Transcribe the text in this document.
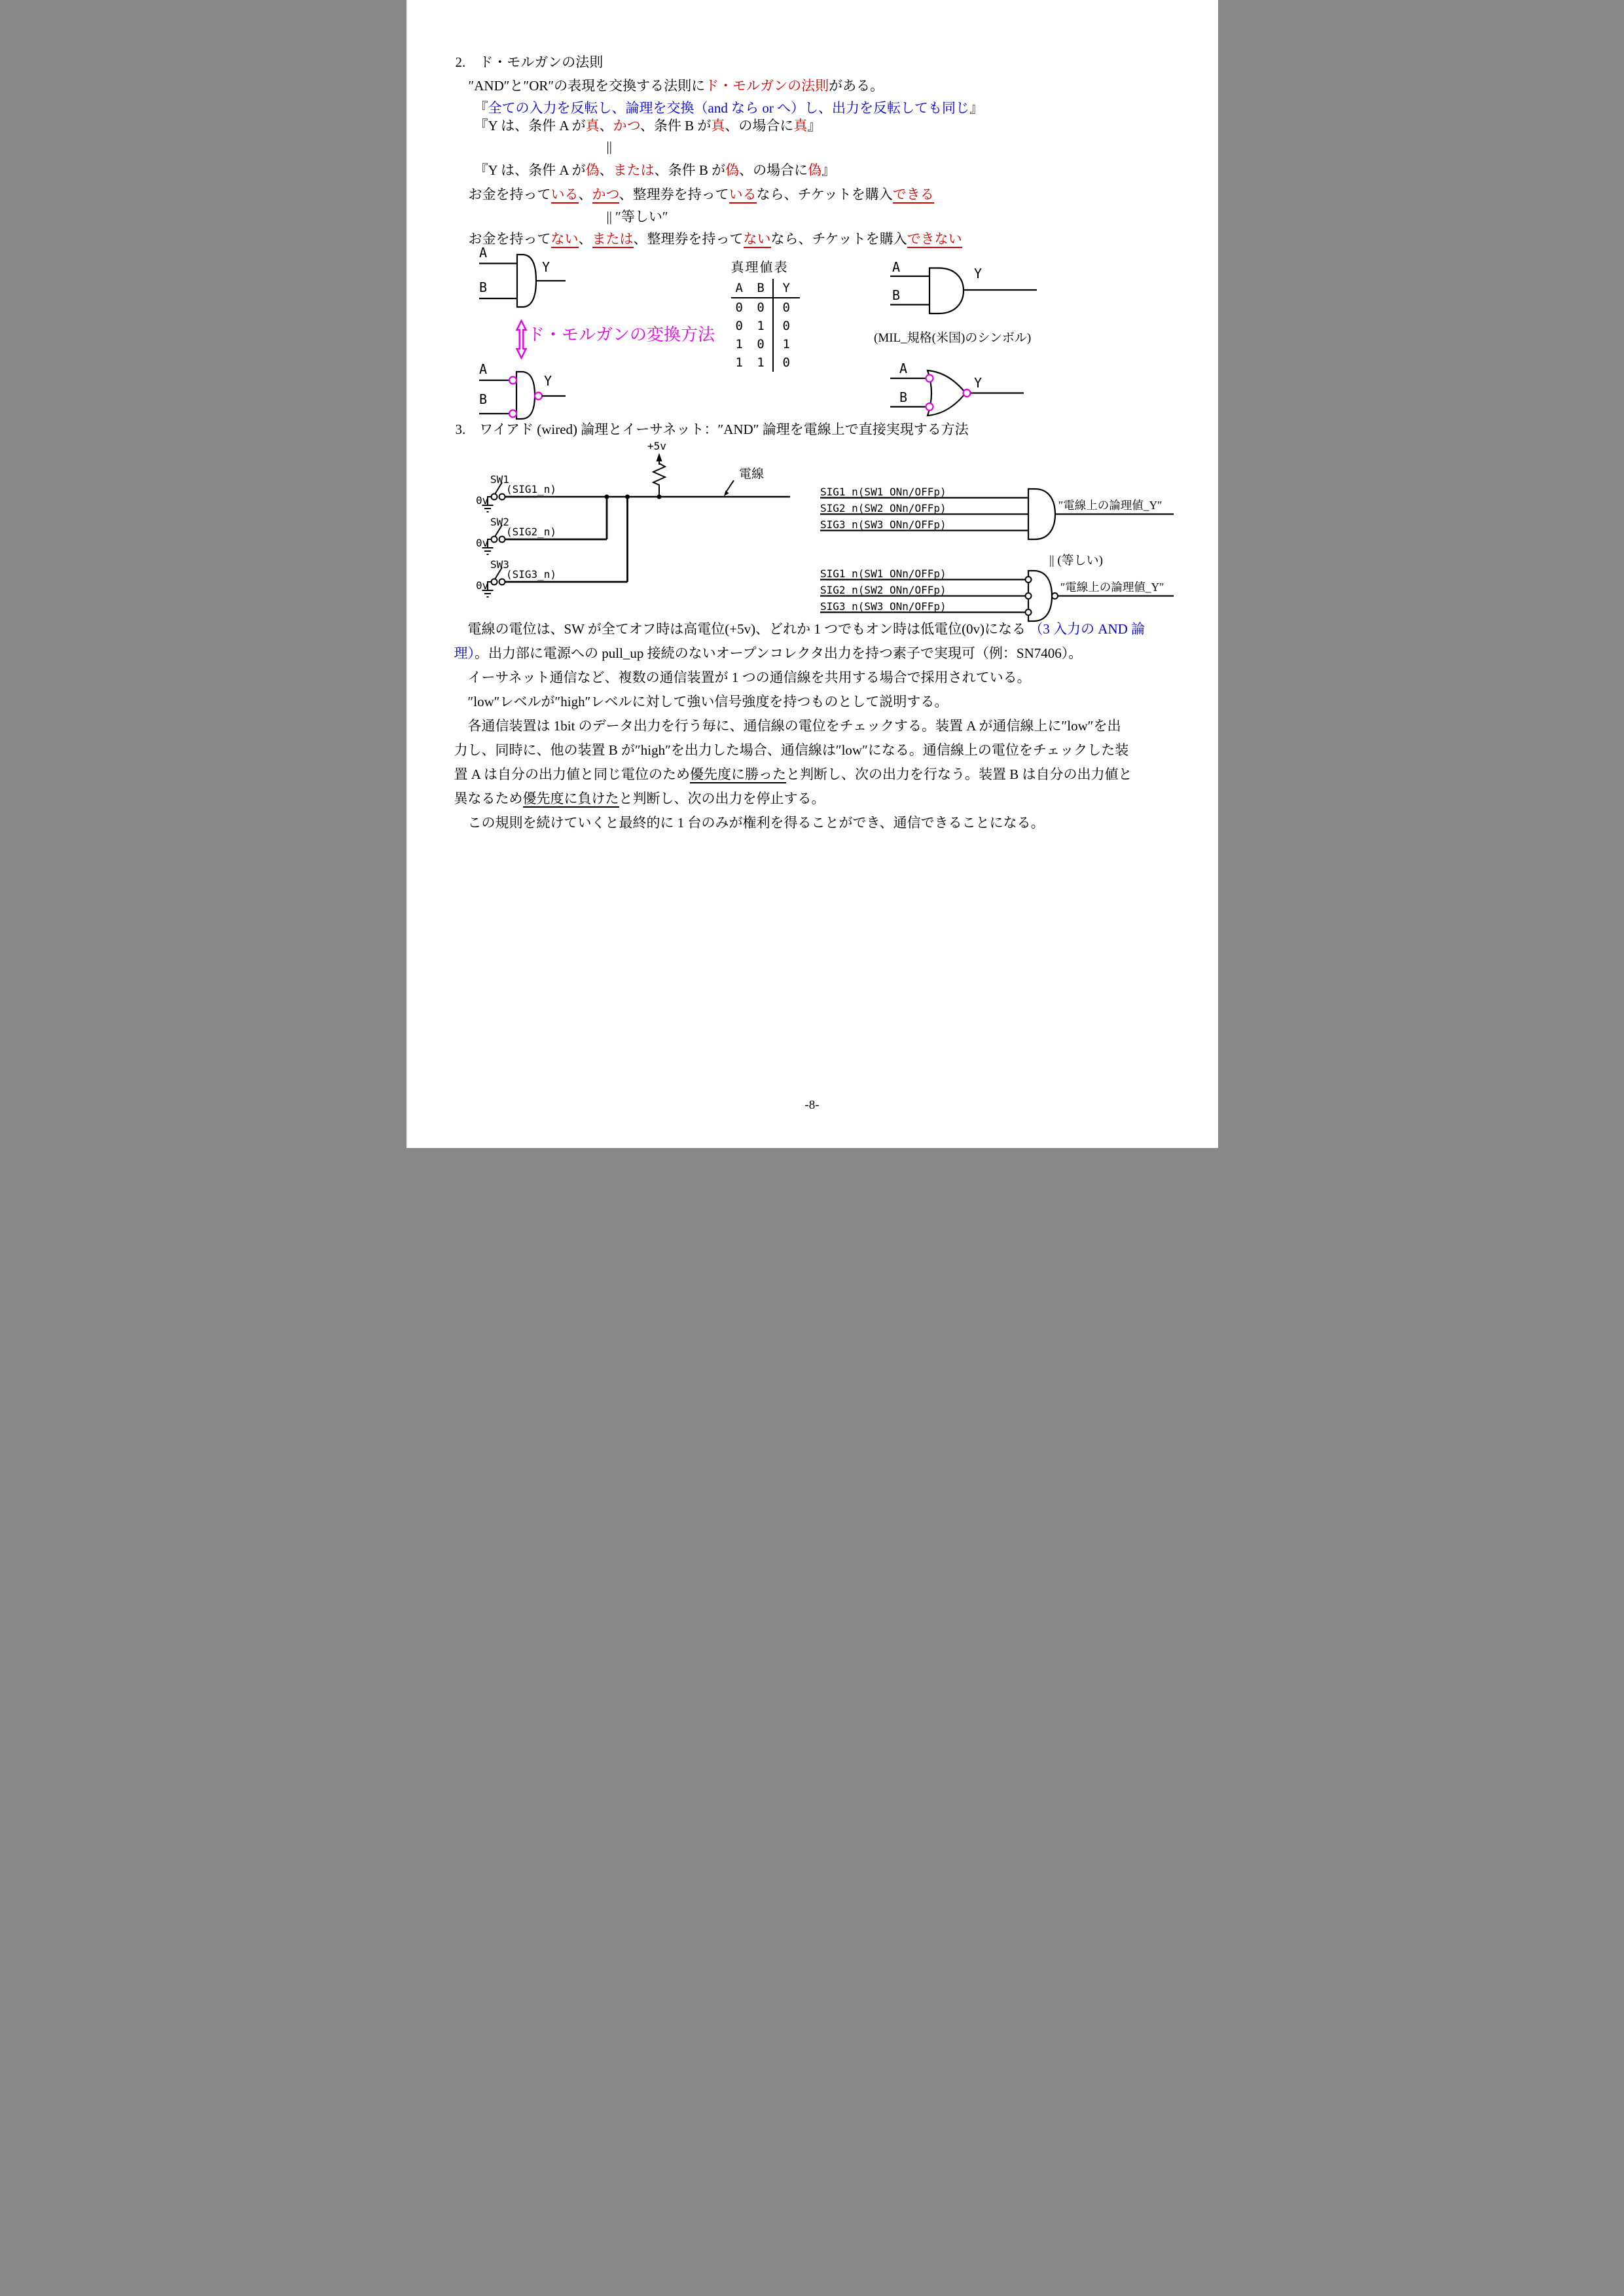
2.　ド・モルガンの法則
″AND″と″OR″の表現を交換する法則にド・モルガンの法則がある。
『全ての入力を反転し、論理を交換（and なら or へ）し、出力を反転しても同じ』
『Y は、条件 A が真、かつ、条件 B が真、の場合に真』
||
『Y は、条件 A が偽、または、条件 B が偽、の場合に偽』
お金を持っている、かつ、整理券を持っているなら、チケットを購入できる
|| ″等しい″
お金を持ってない、または、整理券を持ってないなら、チケットを購入できない
A
B
Y
ド・モルガンの変換方法
A
B
Y
真理値表
A B	Y
0 0	0
0 1	0
1 0	1
1 1	0
A
B
Y
(MIL_規格(米国)のシンボル)
A
B
Y
3.　ワイアド (wired) 論理とイーサネット：″AND″ 論理を電線上で直接実現する方法
+5v
電線
SW1
(SIG1_n)
0v
SW2
(SIG2_n)
0v
SW3
(SIG3_n)
0v
SIG1_n(SW1_ONn/OFFp)
SIG2_n(SW2_ONn/OFFp)
SIG3_n(SW3_ONn/OFFp)
″電線上の論理値_Y″
|| (等しい)
SIG1_n(SW1_ONn/OFFp)
SIG2_n(SW2_ONn/OFFp)
SIG3_n(SW3_ONn/OFFp)
″電線上の論理値_Y″
　電線の電位は、SW が全てオフ時は高電位(+5v)、どれか 1 つでもオン時は低電位(0v)になる （3 入力の AND 論
理）。出力部に電源への pull_up 接続のないオープンコレクタ出力を持つ素子で実現可（例：SN7406）。
　イーサネット通信など、複数の通信装置が 1 つの通信線を共用する場合で採用されている。
　″low″レベルが″high″レベルに対して強い信号強度を持つものとして説明する。
　各通信装置は 1bit のデータ出力を行う毎に、通信線の電位をチェックする。装置 A が通信線上に″low″を出
力し、同時に、他の装置 B が″high″を出力した場合、通信線は″low″になる。通信線上の電位をチェックした装
置 A は自分の出力値と同じ電位のため優先度に勝ったと判断し、次の出力を行なう。装置 B は自分の出力値と
異なるため優先度に負けたと判断し、次の出力を停止する。
　この規則を続けていくと最終的に 1 台のみが権利を得ることができ、通信できることになる。
-8-
